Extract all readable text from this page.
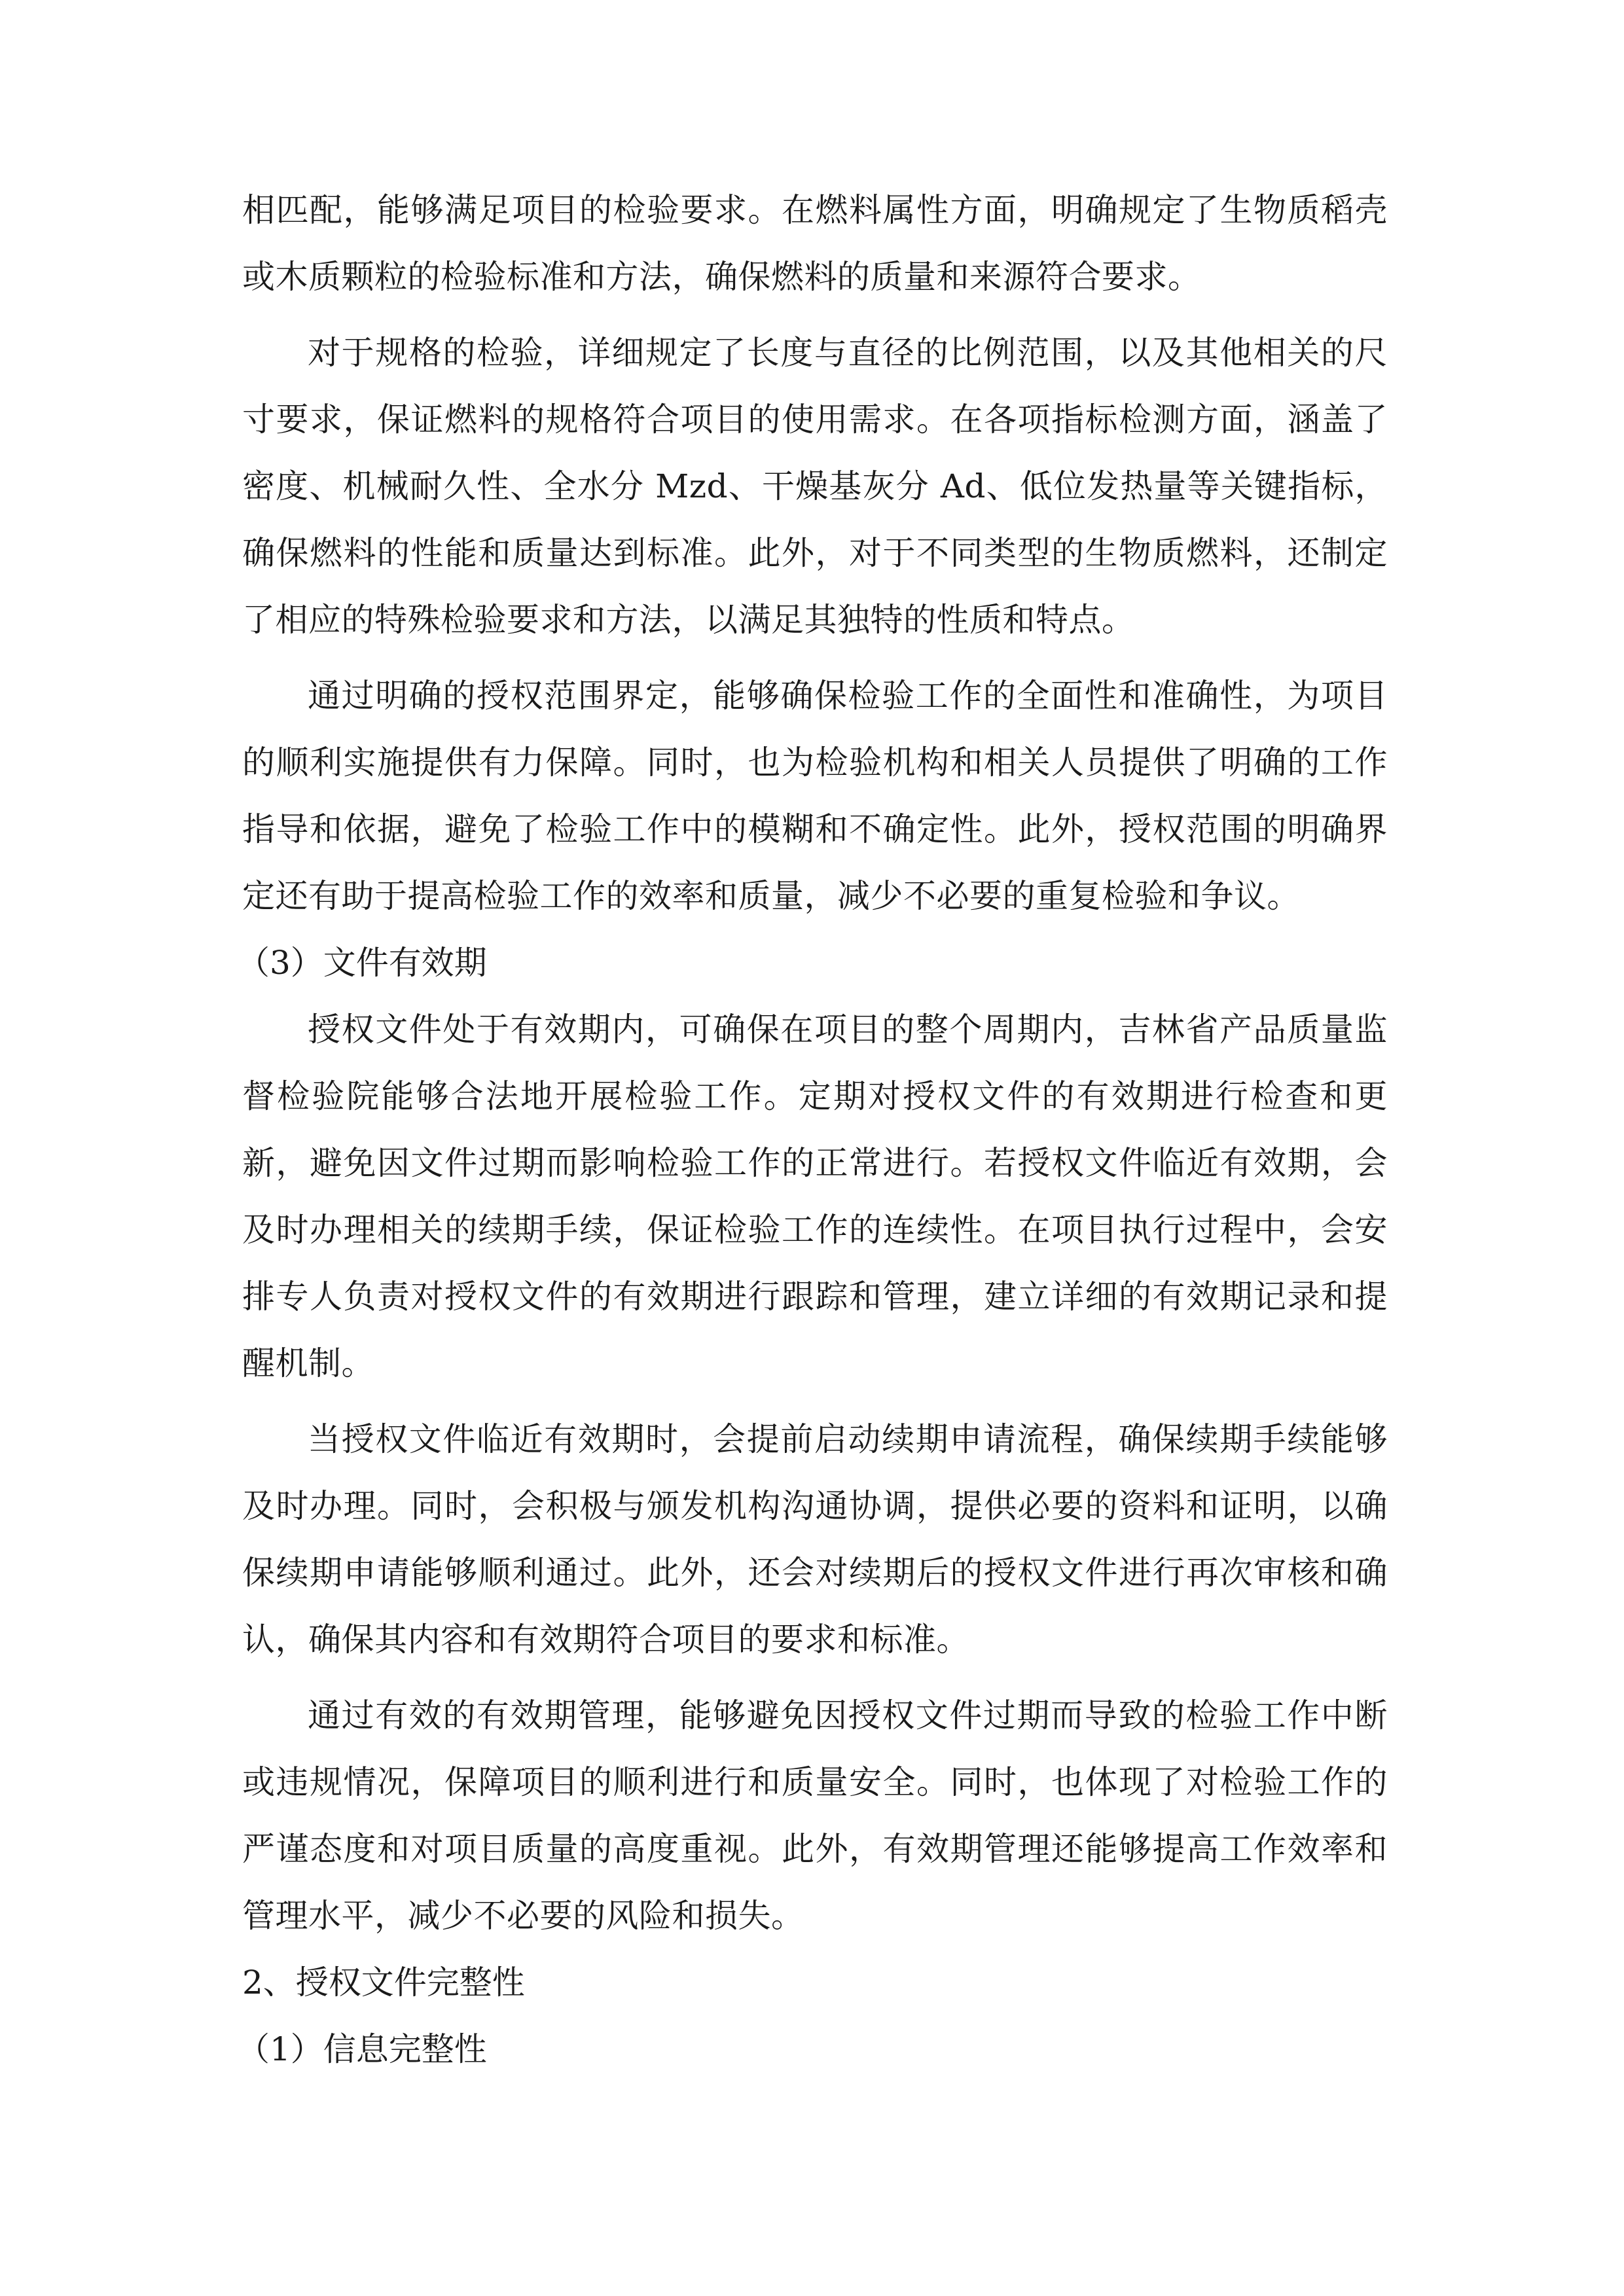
相匹配，能够满足项目的检验要求。在燃料属性方面，明确规定了生物质稻壳或木质颗粒的检验标准和方法，确保燃料的质量和来源符合要求。

对于规格的检验，详细规定了长度与直径的比例范围，以及其他相关的尺寸要求，保证燃料的规格符合项目的使用需求。在各项指标检测方面，涵盖了密度、机械耐久性、全水分 Mzd、干燥基灰分 Ad、低位发热量等关键指标，确保燃料的性能和质量达到标准。此外，对于不同类型的生物质燃料，还制定了相应的特殊检验要求和方法，以满足其独特的性质和特点。

通过明确的授权范围界定，能够确保检验工作的全面性和准确性，为项目的顺利实施提供有力保障。同时，也为检验机构和相关人员提供了明确的工作指导和依据，避免了检验工作中的模糊和不确定性。此外，授权范围的明确界定还有助于提高检验工作的效率和质量，减少不必要的重复检验和争议。

（3）文件有效期

授权文件处于有效期内，可确保在项目的整个周期内，吉林省产品质量监督检验院能够合法地开展检验工作。定期对授权文件的有效期进行检查和更新，避免因文件过期而影响检验工作的正常进行。若授权文件临近有效期，会及时办理相关的续期手续，保证检验工作的连续性。在项目执行过程中，会安排专人负责对授权文件的有效期进行跟踪和管理，建立详细的有效期记录和提醒机制。

当授权文件临近有效期时，会提前启动续期申请流程，确保续期手续能够及时办理。同时，会积极与颁发机构沟通协调，提供必要的资料和证明，以确保续期申请能够顺利通过。此外，还会对续期后的授权文件进行再次审核和确认，确保其内容和有效期符合项目的要求和标准。

通过有效的有效期管理，能够避免因授权文件过期而导致的检验工作中断或违规情况，保障项目的顺利进行和质量安全。同时，也体现了对检验工作的严谨态度和对项目质量的高度重视。此外，有效期管理还能够提高工作效率和管理水平，减少不必要的风险和损失。

2、授权文件完整性

（1）信息完整性
